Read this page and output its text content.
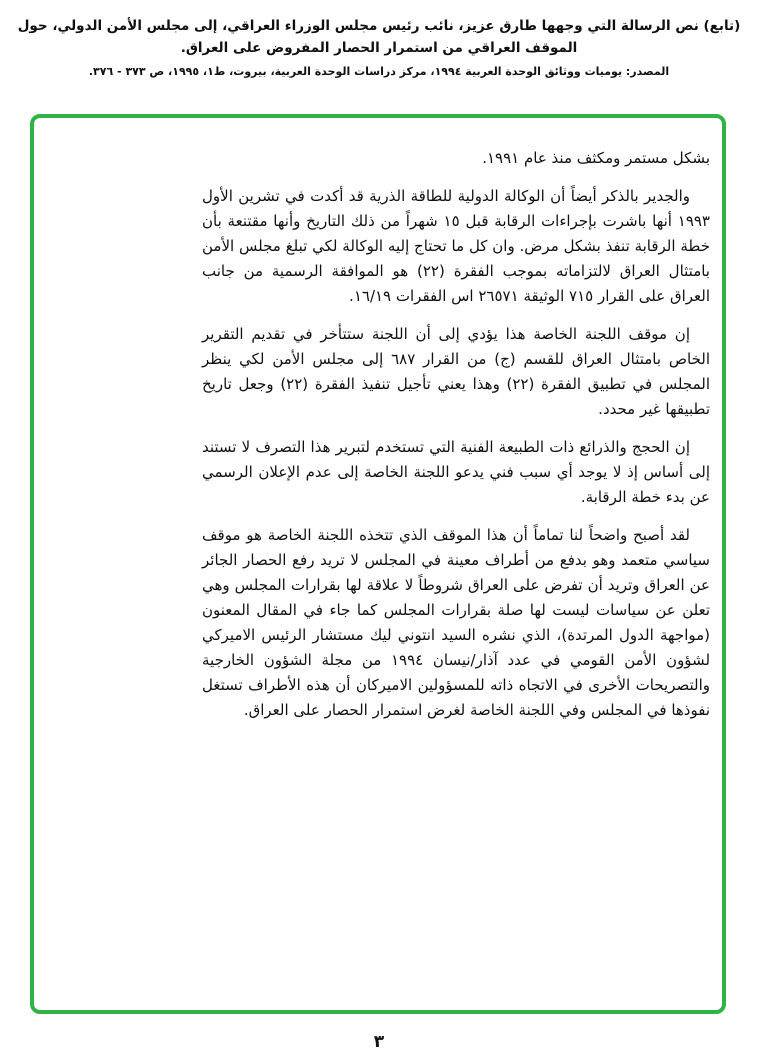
(تابع) نص الرسالة التي وجهها طارق عزيز، نائب رئيس مجلس الوزراء العراقي، إلى مجلس الأمن الدولي، حول
الموقف العراقي من استمرار الحصار المفروض على العراق.
المصدر: يوميات ووثائق الوحدة العربية ١٩٩٤، مركز دراسات الوحدة العربية، بيروت، ط١، ١٩٩٥، ص ٣٧٣ - ٣٧٦.

بشكل مستمر ومكثف منذ عام ١٩٩١.

والجدير بالذكر أيضاً أن الوكالة الدولية للطاقة الذرية قد أكدت في تشرين الأول ١٩٩٣ أنها باشرت بإجراءات الرقابة قبل ١٥ شهراً من ذلك التاريخ وأنها مقتنعة بأن خطة الرقابة تنفذ بشكل مرض. وان كل ما تحتاج إليه الوكالة لكي تبلغ مجلس الأمن بامتثال العراق لالتزاماته بموجب الفقرة (٢٢) هو الموافقة الرسمية من جانب العراق على القرار ٧١٥ الوثيقة ٢٦٥٧١ اس الفقرات ١٦/١٩.

إن موقف اللجنة الخاصة هذا يؤدي إلى أن اللجنة ستتأخر في تقديم التقرير الخاص بامتثال العراق للقسم (ج) من القرار ٦٨٧ إلى مجلس الأمن لكي ينظر المجلس في تطبيق الفقرة (٢٢) وهذا يعني تأجيل تنفيذ الفقرة (٢٢) وجعل تاريخ تطبيقها غير محدد.

إن الحجج والذرائع ذات الطبيعة الفنية التي تستخدم لتبرير هذا التصرف لا تستند إلى أساس إذ لا يوجد أي سبب فني يدعو اللجنة الخاصة إلى عدم الإعلان الرسمي عن بدء خطة الرقابة.

لقد أصبح واضحاً لنا تماماً أن هذا الموقف الذي تتخذه اللجنة الخاصة هو موقف سياسي متعمد وهو بدفع من أطراف معينة في المجلس لا تريد رفع الحصار الجائر عن العراق وتريد أن تفرض على العراق شروطاً لا علاقة لها بقرارات المجلس وهي تعلن عن سياسات ليست لها صلة بقرارات المجلس كما جاء في المقال المعنون (مواجهة الدول المرتدة)، الذي نشره السيد انتوني ليك مستشار الرئيس الاميركي لشؤون الأمن القومي في عدد آذار/نيسان ١٩٩٤ من مجلة الشؤون الخارجية والتصريحات الأخرى في الاتجاه ذاته للمسؤولين الاميركان أن هذه الأطراف تستغل نفوذها في المجلس وفي اللجنة الخاصة لغرض استمرار الحصار على العراق.

٣
